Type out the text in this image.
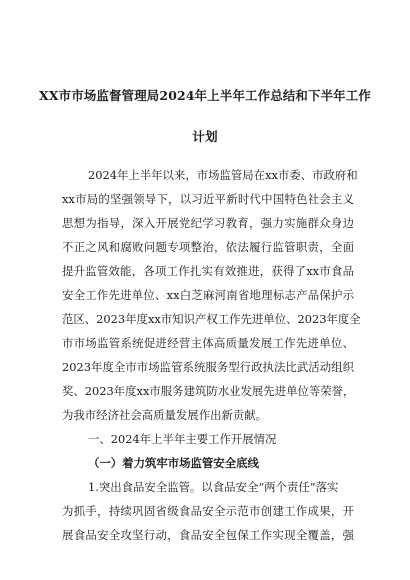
XX市市场监督管理局2024年上半年工作总结和下半年工作
计划
2024年上半年以来，市场监管局在xx市委、市政府和
xx市局的坚强领导下，以习近平新时代中国特色社会主义
思想为指导，深入开展党纪学习教育，强力实施群众身边
不正之风和腐败问题专项整治，依法履行监管职责，全面
提升监管效能，各项工作扎实有效推进，获得了xx市食品
安全工作先进单位、xx白芝麻河南省地理标志产品保护示
范区、2023年度xx市知识产权工作先进单位、2023年度全
市市场监管系统促进经营主体高质量发展工作先进单位、
2023年度全市市场监管系统服务型行政执法比武活动组织
奖、2023年度xx市服务建筑防水业发展先进单位等荣誉，
为我市经济社会高质量发展作出新贡献。
一、2024年上半年主要工作开展情况
（一）着力筑牢市场监管安全底线
1.突出食品安全监管。以食品安全“两个责任”落实
为抓手，持续巩固省级食品安全示范市创建工作成果，开
展食品安全攻坚行动，食品安全包保工作实现全覆盖，强
